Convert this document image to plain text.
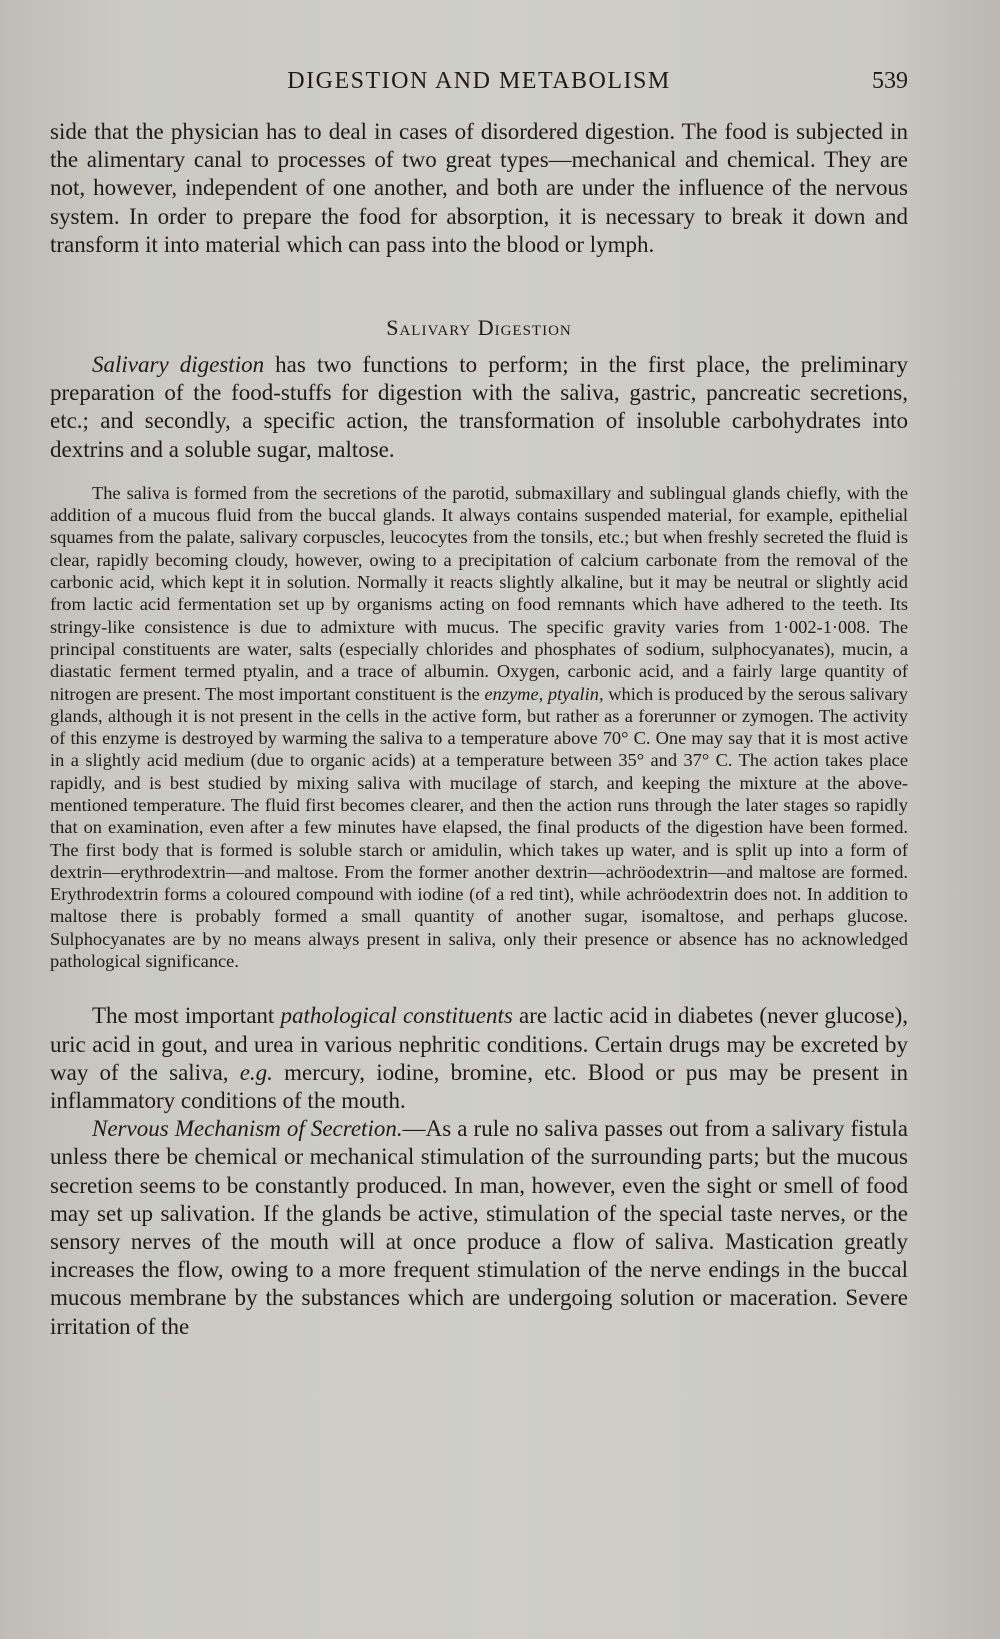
DIGESTION AND METABOLISM	539

side that the physician has to deal in cases of disordered digestion. The food is subjected in the alimentary canal to processes of two great types—mechanical and chemical. They are not, however, independent of one another, and both are under the influence of the nervous system. In order to prepare the food for absorption, it is necessary to break it down and transform it into material which can pass into the blood or lymph.

Salivary Digestion

Salivary digestion has two functions to perform; in the first place, the preliminary preparation of the food-stuffs for digestion with the saliva, gastric, pancreatic secretions, etc.; and secondly, a specific action, the transformation of insoluble carbohydrates into dextrins and a soluble sugar, maltose.

The saliva is formed from the secretions of the parotid, submaxillary and sublingual glands chiefly, with the addition of a mucous fluid from the buccal glands. It always contains suspended material, for example, epithelial squames from the palate, salivary corpuscles, leucocytes from the tonsils, etc.; but when freshly secreted the fluid is clear, rapidly becoming cloudy, however, owing to a precipitation of calcium carbonate from the removal of the carbonic acid, which kept it in solution. Normally it reacts slightly alkaline, but it may be neutral or slightly acid from lactic acid fermentation set up by organisms acting on food remnants which have adhered to the teeth. Its stringy-like consistence is due to admixture with mucus. The specific gravity varies from 1·002-1·008. The principal constituents are water, salts (especially chlorides and phosphates of sodium, sulphocyanates), mucin, a diastatic ferment termed ptyalin, and a trace of albumin. Oxygen, carbonic acid, and a fairly large quantity of nitrogen are present. The most important constituent is the enzyme, ptyalin, which is produced by the serous salivary glands, although it is not present in the cells in the active form, but rather as a forerunner or zymogen. The activity of this enzyme is destroyed by warming the saliva to a temperature above 70° C. One may say that it is most active in a slightly acid medium (due to organic acids) at a temperature between 35° and 37° C. The action takes place rapidly, and is best studied by mixing saliva with mucilage of starch, and keeping the mixture at the above-mentioned temperature. The fluid first becomes clearer, and then the action runs through the later stages so rapidly that on examination, even after a few minutes have elapsed, the final products of the digestion have been formed. The first body that is formed is soluble starch or amidulin, which takes up water, and is split up into a form of dextrin—erythrodextrin—and maltose. From the former another dextrin—achröodextrin—and maltose are formed. Erythrodextrin forms a coloured compound with iodine (of a red tint), while achröodextrin does not. In addition to maltose there is probably formed a small quantity of another sugar, isomaltose, and perhaps glucose. Sulphocyanates are by no means always present in saliva, only their presence or absence has no acknowledged pathological significance.

The most important pathological constituents are lactic acid in diabetes (never glucose), uric acid in gout, and urea in various nephritic conditions. Certain drugs may be excreted by way of the saliva, e.g. mercury, iodine, bromine, etc. Blood or pus may be present in inflammatory conditions of the mouth.

Nervous Mechanism of Secretion.—As a rule no saliva passes out from a salivary fistula unless there be chemical or mechanical stimulation of the surrounding parts; but the mucous secretion seems to be constantly produced. In man, however, even the sight or smell of food may set up salivation. If the glands be active, stimulation of the special taste nerves, or the sensory nerves of the mouth will at once produce a flow of saliva. Mastication greatly increases the flow, owing to a more frequent stimulation of the nerve endings in the buccal mucous membrane by the substances which are undergoing solution or maceration. Severe irritation of the
